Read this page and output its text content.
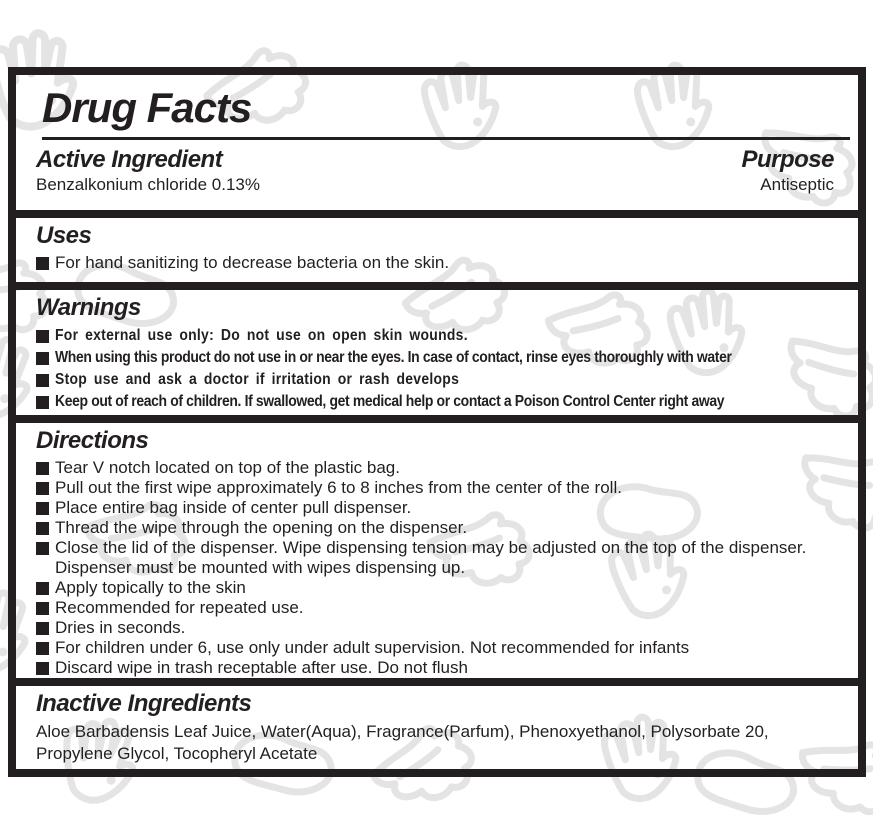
Drug Facts
Active Ingredient
Benzalkonium chloride 0.13%
Purpose
Antiseptic
Uses
For hand sanitizing to decrease bacteria on the skin.
Warnings
For external use only: Do not use on open skin wounds.
When using this product do not use in or near the eyes. In case of contact, rinse eyes thoroughly with water
Stop use and ask a doctor if irritation or rash develops
Keep out of reach of children. If swallowed, get medical help or contact a Poison Control Center right away
Directions
Tear V notch located on top of the plastic bag.
Pull out the first wipe approximately 6 to 8 inches from the center of the roll.
Place entire bag inside of center pull dispenser.
Thread the wipe through the opening on the dispenser.
Close the lid of the dispenser. Wipe dispensing tension may be adjusted on the top of the dispenser. Dispenser must be mounted with wipes dispensing up.
Apply topically to the skin
Recommended for repeated use.
Dries in seconds.
For children under 6, use only under adult supervision. Not recommended for infants
Discard wipe in trash receptable after use. Do not flush
Inactive Ingredients
Aloe Barbadensis Leaf Juice, Water(Aqua), Fragrance(Parfum), Phenoxyethanol, Polysorbate 20, Propylene Glycol, Tocopheryl Acetate
